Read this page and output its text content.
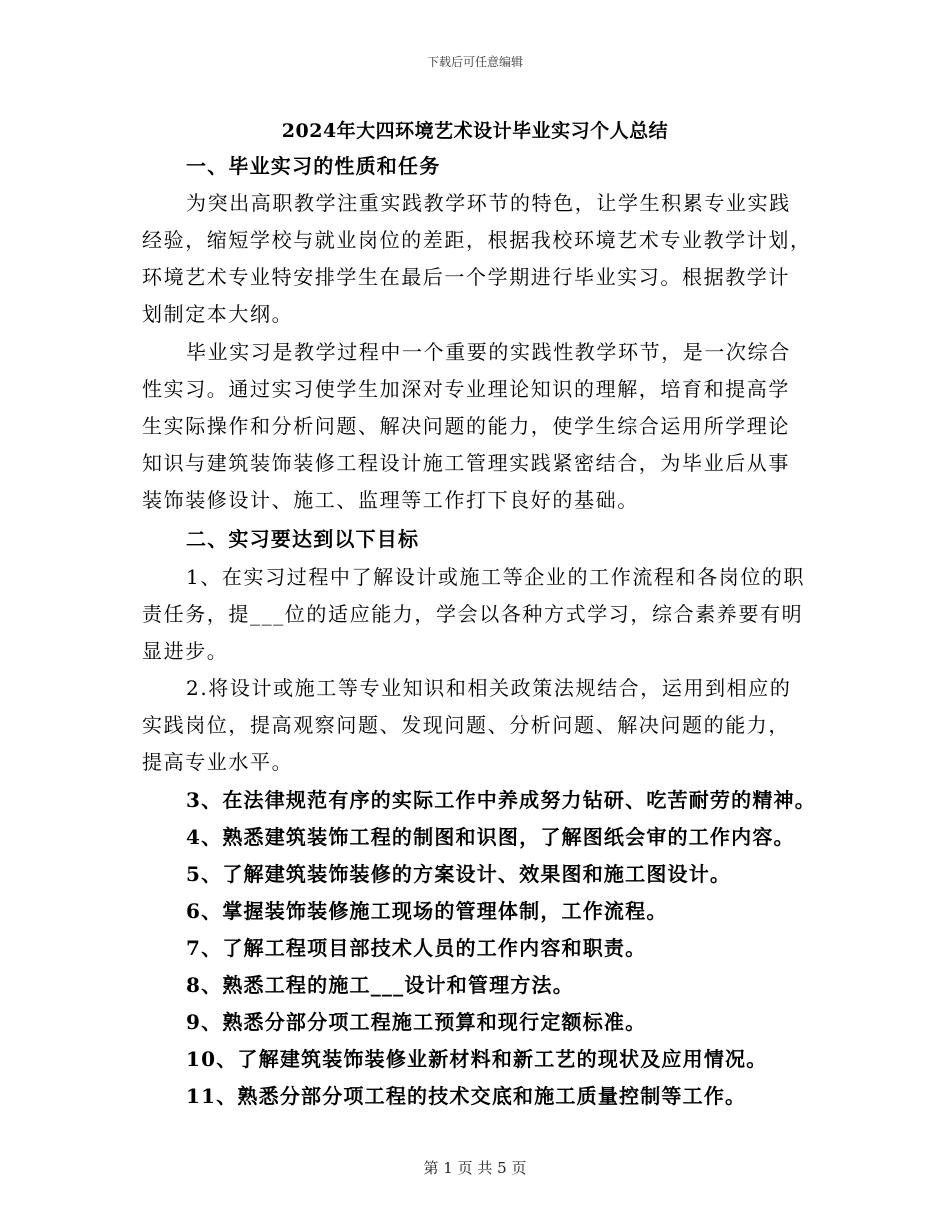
下载后可任意编辑
2024年大四环境艺术设计毕业实习个人总结
一、毕业实习的性质和任务
为突出高职教学注重实践教学环节的特色，让学生积累专业实践
经验，缩短学校与就业岗位的差距，根据我校环境艺术专业教学计划，
环境艺术专业特安排学生在最后一个学期进行毕业实习。根据教学计
划制定本大纲。
毕业实习是教学过程中一个重要的实践性教学环节，是一次综合
性实习。通过实习使学生加深对专业理论知识的理解，培育和提高学
生实际操作和分析问题、解决问题的能力，使学生综合运用所学理论
知识与建筑装饰装修工程设计施工管理实践紧密结合，为毕业后从事
装饰装修设计、施工、监理等工作打下良好的基础。
二、实习要达到以下目标
1、在实习过程中了解设计或施工等企业的工作流程和各岗位的职
责任务，提___位的适应能力，学会以各种方式学习，综合素养要有明
显进步。
2.将设计或施工等专业知识和相关政策法规结合，运用到相应的
实践岗位，提高观察问题、发现问题、分析问题、解决问题的能力，
提高专业水平。
3、在法律规范有序的实际工作中养成努力钻研、吃苦耐劳的精神。
4、熟悉建筑装饰工程的制图和识图，了解图纸会审的工作内容。
5、了解建筑装饰装修的方案设计、效果图和施工图设计。
6、掌握装饰装修施工现场的管理体制，工作流程。
7、了解工程项目部技术人员的工作内容和职责。
8、熟悉工程的施工___设计和管理方法。
9、熟悉分部分项工程施工预算和现行定额标准。
10、了解建筑装饰装修业新材料和新工艺的现状及应用情况。
11、熟悉分部分项工程的技术交底和施工质量控制等工作。
第 1 页 共 5 页
